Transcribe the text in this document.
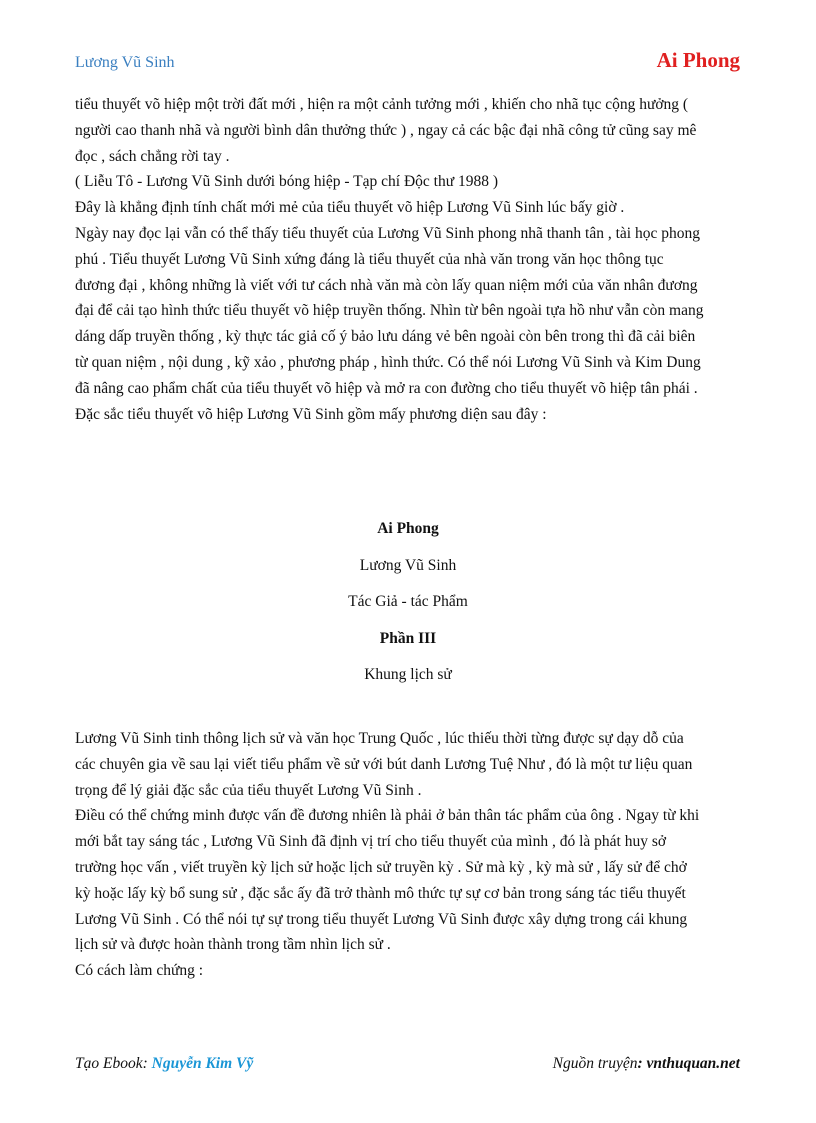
Lương Vũ Sinh	Ai Phong
tiểu thuyết võ hiệp một trời đất mới , hiện ra một cảnh tưởng mới , khiến cho nhã tục cộng hưởng (
người cao thanh nhã và người bình dân thưởng thức ) , ngay cả các bậc đại nhã công tử cũng say mê
đọc , sách chẳng rời tay .
( Liễu Tô - Lương Vũ Sinh dưới bóng hiệp - Tạp chí Độc thư 1988 )
Đây là khẳng định tính chất mới mẻ của tiểu thuyết võ hiệp Lương Vũ Sinh lúc bấy giờ .
Ngày nay đọc lại vẫn có thể thấy tiểu thuyết của Lương Vũ Sinh phong nhã thanh tân , tài học phong
phú . Tiểu thuyết Lương Vũ Sinh xứng đáng là tiểu thuyết của nhà văn trong văn học thông tục
đương đại , không những là viết với tư cách nhà văn mà còn lấy quan niệm mới của văn nhân đương
đại để cải tạo hình thức tiểu thuyết võ hiệp truyền thống. Nhìn từ bên ngoài tựa hồ như vẫn còn mang
dáng dấp truyền thống , kỳ thực tác giả cố ý bảo lưu dáng vẻ bên ngoài còn bên trong thì đã cải biên
từ quan niệm , nội dung , kỹ xảo , phương pháp , hình thức. Có thể nói Lương Vũ Sinh và Kim Dung
đã nâng cao phẩm chất của tiểu thuyết võ hiệp và mở ra con đường cho tiểu thuyết võ hiệp tân phái .
Đặc sắc tiểu thuyết võ hiệp Lương Vũ Sinh gồm mấy phương diện sau đây :
Ai Phong
Lương Vũ Sinh
Tác Giả - tác Phẩm
Phần III
Khung lịch sử
Lương Vũ Sinh tinh thông lịch sử và văn học Trung Quốc , lúc thiếu thời từng được sự dạy dỗ của
các chuyên gia về sau lại viết tiểu phẩm về sử với bút danh Lương Tuệ Như , đó là một tư liệu quan
trọng để lý giải đặc sắc của tiểu thuyết Lương Vũ Sinh .
Điều có thể chứng minh được vấn đề đương nhiên là phải ở bản thân tác phẩm của ông . Ngay từ khi
mới bắt tay sáng tác , Lương Vũ Sinh đã định vị trí cho tiểu thuyết của mình , đó là phát huy sở
trường học vấn , viết truyền kỳ lịch sử hoặc lịch sử truyền kỳ . Sử mà kỳ , kỳ mà sử , lấy sử để chở
kỳ hoặc lấy kỳ bổ sung sử , đặc sắc ấy đã trở thành mô thức tự sự cơ bản trong sáng tác tiểu thuyết
Lương Vũ Sinh . Có thể nói tự sự trong tiểu thuyết Lương Vũ Sinh được xây dựng trong cái khung
lịch sử và được hoàn thành trong tầm nhìn lịch sử .
Có cách làm chứng :
Tạo Ebook: Nguyễn Kim Vỹ	Nguồn truyện: vnthuquan.net
